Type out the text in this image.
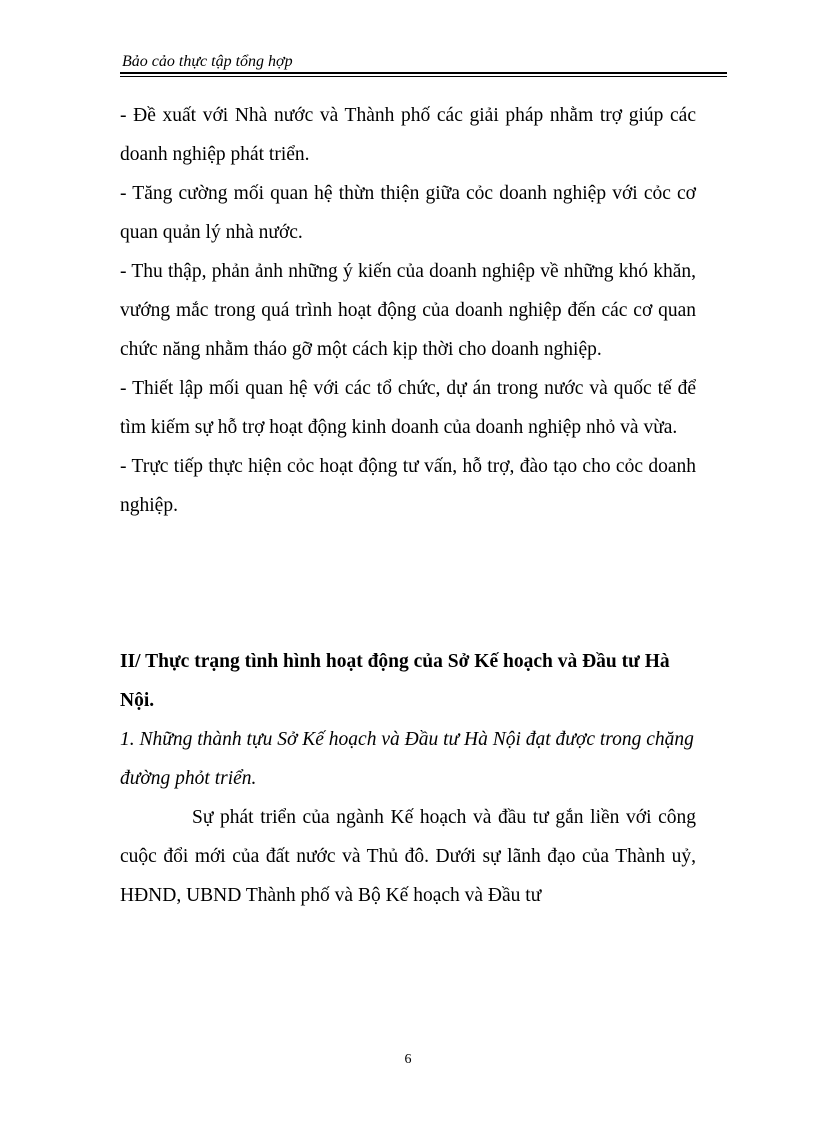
Bảo cảo thực tập tổng hợp

- Đề xuất với Nhà nước và Thành phố các giải pháp nhằm trợ giúp các doanh nghiệp phát triển.

- Tăng cường mối quan hệ thừn thiện giữa cỏc doanh nghiệp với cỏc cơ quan quản lý nhà nước.

- Thu thập, phản ảnh những ý kiến của doanh nghiệp về những khó khăn, vướng mắc trong quá trình hoạt động của doanh nghiệp đến các cơ quan chức năng nhằm tháo gỡ một cách kịp thời cho doanh nghiệp.

- Thiết lập mối quan hệ với các tổ chức, dự án trong nước và quốc tế để tìm kiếm sự hỗ trợ hoạt động kinh doanh của doanh nghiệp nhỏ và vừa.

- Trực tiếp thực hiện cỏc hoạt động tư vấn, hỗ trợ, đào tạo cho cỏc doanh nghiệp.

II/ Thực trạng tình hình hoạt động của Sở Kế hoạch và Đầu tư Hà Nội.

1. Những thành tựu Sở Kế hoạch và Đầu tư Hà Nội đạt được trong chặng đường phỏt triển.

Sự phát triển của ngành Kế hoạch và đầu tư gắn liền với công cuộc đổi mới của đất nước và Thủ đô. Dưới sự lãnh đạo của Thành uỷ, HĐND, UBND Thành phố và Bộ Kế hoạch và Đầu tư

6
